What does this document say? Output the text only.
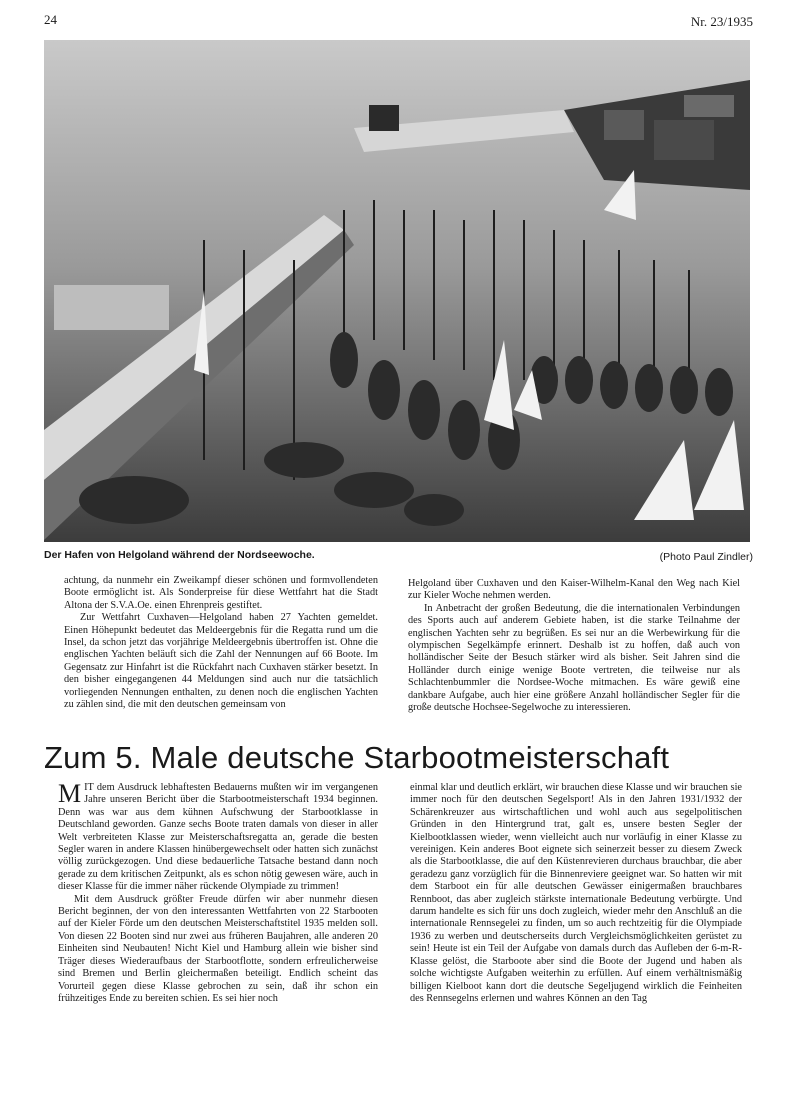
24	Nr. 23/1935
Der Hafen von Helgoland während der Nordseewoche.	(Photo Paul Zindler)

achtung, da nunmehr ein Zweikampf dieser schönen und formvollendeten Boote ermöglicht ist. Als Sonderpreise für diese Wettfahrt hat die Stadt Altona der S.V.A.Oe. einen Ehrenpreis gestiftet.

Zur Wettfahrt Cuxhaven—Helgoland haben 27 Yachten gemeldet. Einen Höhepunkt bedeutet das Meldeergebnis für die Regatta rund um die Insel, da schon jetzt das vorjährige Meldeergebnis übertroffen ist. Ohne die englischen Yachten beläuft sich die Zahl der Nennungen auf 66 Boote. Im Gegensatz zur Hinfahrt ist die Rückfahrt nach Cuxhaven stärker besetzt. In den bisher eingegangenen 44 Meldungen sind auch nur die tatsächlich vorliegenden Nennungen enthalten, zu denen noch die englischen Yachten zu zählen sind, die mit den deutschen gemeinsam von

Helgoland über Cuxhaven und den Kaiser-Wilhelm-Kanal den Weg nach Kiel zur Kieler Woche nehmen werden.

In Anbetracht der großen Bedeutung, die die internationalen Verbindungen des Sports auch auf anderem Gebiete haben, ist die starke Teilnahme der englischen Yachten sehr zu begrüßen. Es sei nur an die Werbewirkung für die olympischen Segelkämpfe erinnert. Deshalb ist zu hoffen, daß auch von holländischer Seite der Besuch stärker wird als bisher. Seit Jahren sind die Holländer durch einige wenige Boote vertreten, die teilweise nur als Schlachtenbummler die Nordsee-Woche mitmachen. Es wäre gewiß eine dankbare Aufgabe, auch hier eine größere Anzahl holländischer Segler für die große deutsche Hochsee-Segelwoche zu interessieren.

Zum 5. Male deutsche Starbootmeisterschaft

MIT dem Ausdruck lebhaftesten Bedauerns mußten wir im vergangenen Jahre unseren Bericht über die Starbootmeisterschaft 1934 beginnen. Denn was war aus dem kühnen Aufschwung der Starbootklasse in Deutschland geworden. Ganze sechs Boote traten damals von dieser in aller Welt verbreiteten Klasse zur Meisterschaftsregatta an, gerade die besten Segler waren in andere Klassen hinübergewechselt oder hatten sich zunächst völlig zurückgezogen. Und diese bedauerliche Tatsache bestand dann noch gerade zu dem kritischen Zeitpunkt, als es schon nötig gewesen wäre, auch in dieser Klasse für die immer näher rückende Olympiade zu trimmen!

Mit dem Ausdruck größter Freude dürfen wir aber nunmehr diesen Bericht beginnen, der von den interessanten Wettfahrten von 22 Starbooten auf der Kieler Förde um den deutschen Meisterschaftstitel 1935 melden soll. Von diesen 22 Booten sind nur zwei aus früheren Baujahren, alle anderen 20 Einheiten sind Neubauten! Nicht Kiel und Hamburg allein wie bisher sind Träger dieses Wiederaufbaus der Starbootflotte, sondern erfreulicherweise sind Bremen und Berlin gleichermaßen beteiligt. Endlich scheint das Vorurteil gegen diese Klasse gebrochen zu sein, daß ihr schon ein frühzeitiges Ende zu bereiten schien. Es sei hier noch

einmal klar und deutlich erklärt, wir brauchen diese Klasse und wir brauchen sie immer noch für den deutschen Segelsport! Als in den Jahren 1931/1932 der Schärenkreuzer aus wirtschaftlichen und wohl auch aus segelpolitischen Gründen in den Hintergrund trat, galt es, unsere besten Segler der Kielbootklassen wieder, wenn vielleicht auch nur vorläufig in einer Klasse zu vereinigen. Kein anderes Boot eignete sich seinerzeit besser zu diesem Zweck als die Starbootklasse, die auf den Küstenrevieren durchaus brauchbar, die aber geradezu ganz vorzüglich für die Binnenreviere geeignet war. So hatten wir mit dem Starboot ein für alle deutschen Gewässer einigermaßen brauchbares Rennboot, das aber zugleich stärkste internationale Bedeutung verbürgte. Und darum handelte es sich für uns doch zugleich, wieder mehr den Anschluß an die internationale Rennsegelei zu finden, um so auch rechtzeitig für die Olympiade 1936 zu werben und deutscherseits durch Vergleichsmöglichkeiten gerüstet zu sein! Heute ist ein Teil der Aufgabe von damals durch das Aufleben der 6-m-R-Klasse gelöst, die Starboote aber sind die Boote der Jugend und haben als solche wichtigste Aufgaben weiterhin zu erfüllen. Auf einem verhältnismäßig billigen Kielboot kann dort die deutsche Segeljugend wirklich die Feinheiten des Rennsegelns erlernen und wahres Können an den Tag
